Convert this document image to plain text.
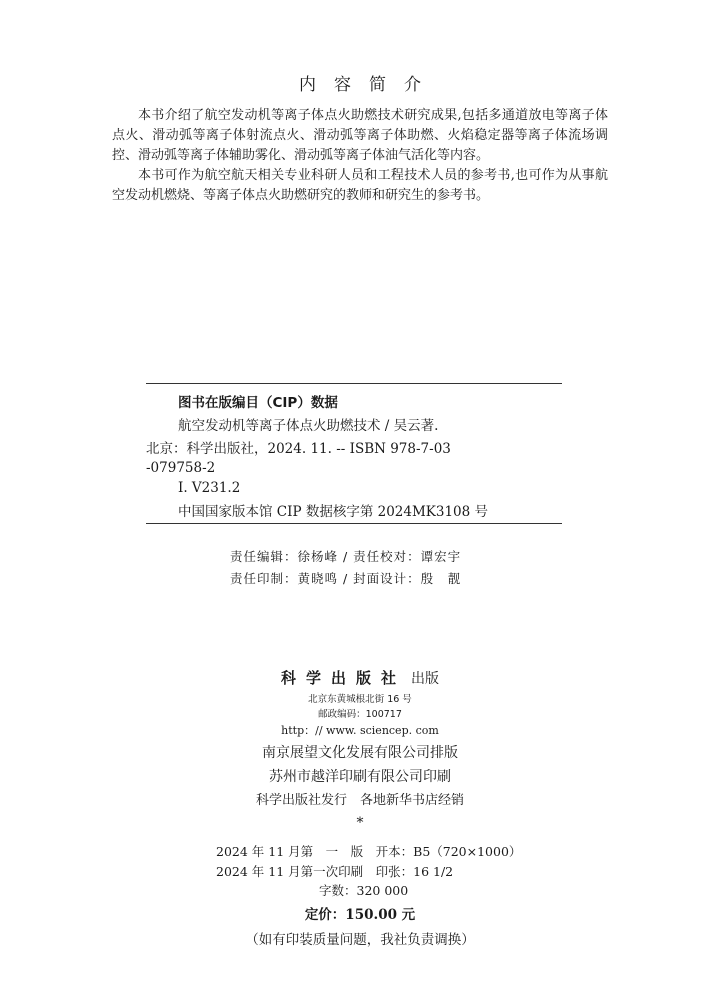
内容简介
本书介绍了航空发动机等离子体点火助燃技术研究成果,包括多通道放电等离子体点火、滑动弧等离子体射流点火、滑动弧等离子体助燃、火焰稳定器等离子体流场调控、滑动弧等离子体辅助雾化、滑动弧等离子体油气活化等内容。
本书可作为航空航天相关专业科研人员和工程技术人员的参考书,也可作为从事航空发动机燃烧、等离子体点火助燃研究的教师和研究生的参考书。
图书在版编目（CIP）数据
航空发动机等离子体点火助燃技术 / 吴云著.
北京：科学出版社，2024. 11. -- ISBN 978-7-03
-079758-2
Ⅰ. V231.2
中国国家版本馆 CIP 数据核字第 2024MK3108 号
责任编辑：徐杨峰 / 责任校对：谭宏宇
责任印制：黄晓鸣 / 封面设计：殷　靓
科学出版社 出版
北京东黄城根北街 16 号
邮政编码：100717
http：// www. sciencep. com
南京展望文化发展有限公司排版
苏州市越洋印刷有限公司印刷
科学出版社发行　各地新华书店经销
*
2024 年 11 月第　一　版　开本：B5（720×1000）
2024 年 11 月第一次印刷　印张：16 1/2
字数：320 000
定价：150.00 元
（如有印装质量问题，我社负责调换）
